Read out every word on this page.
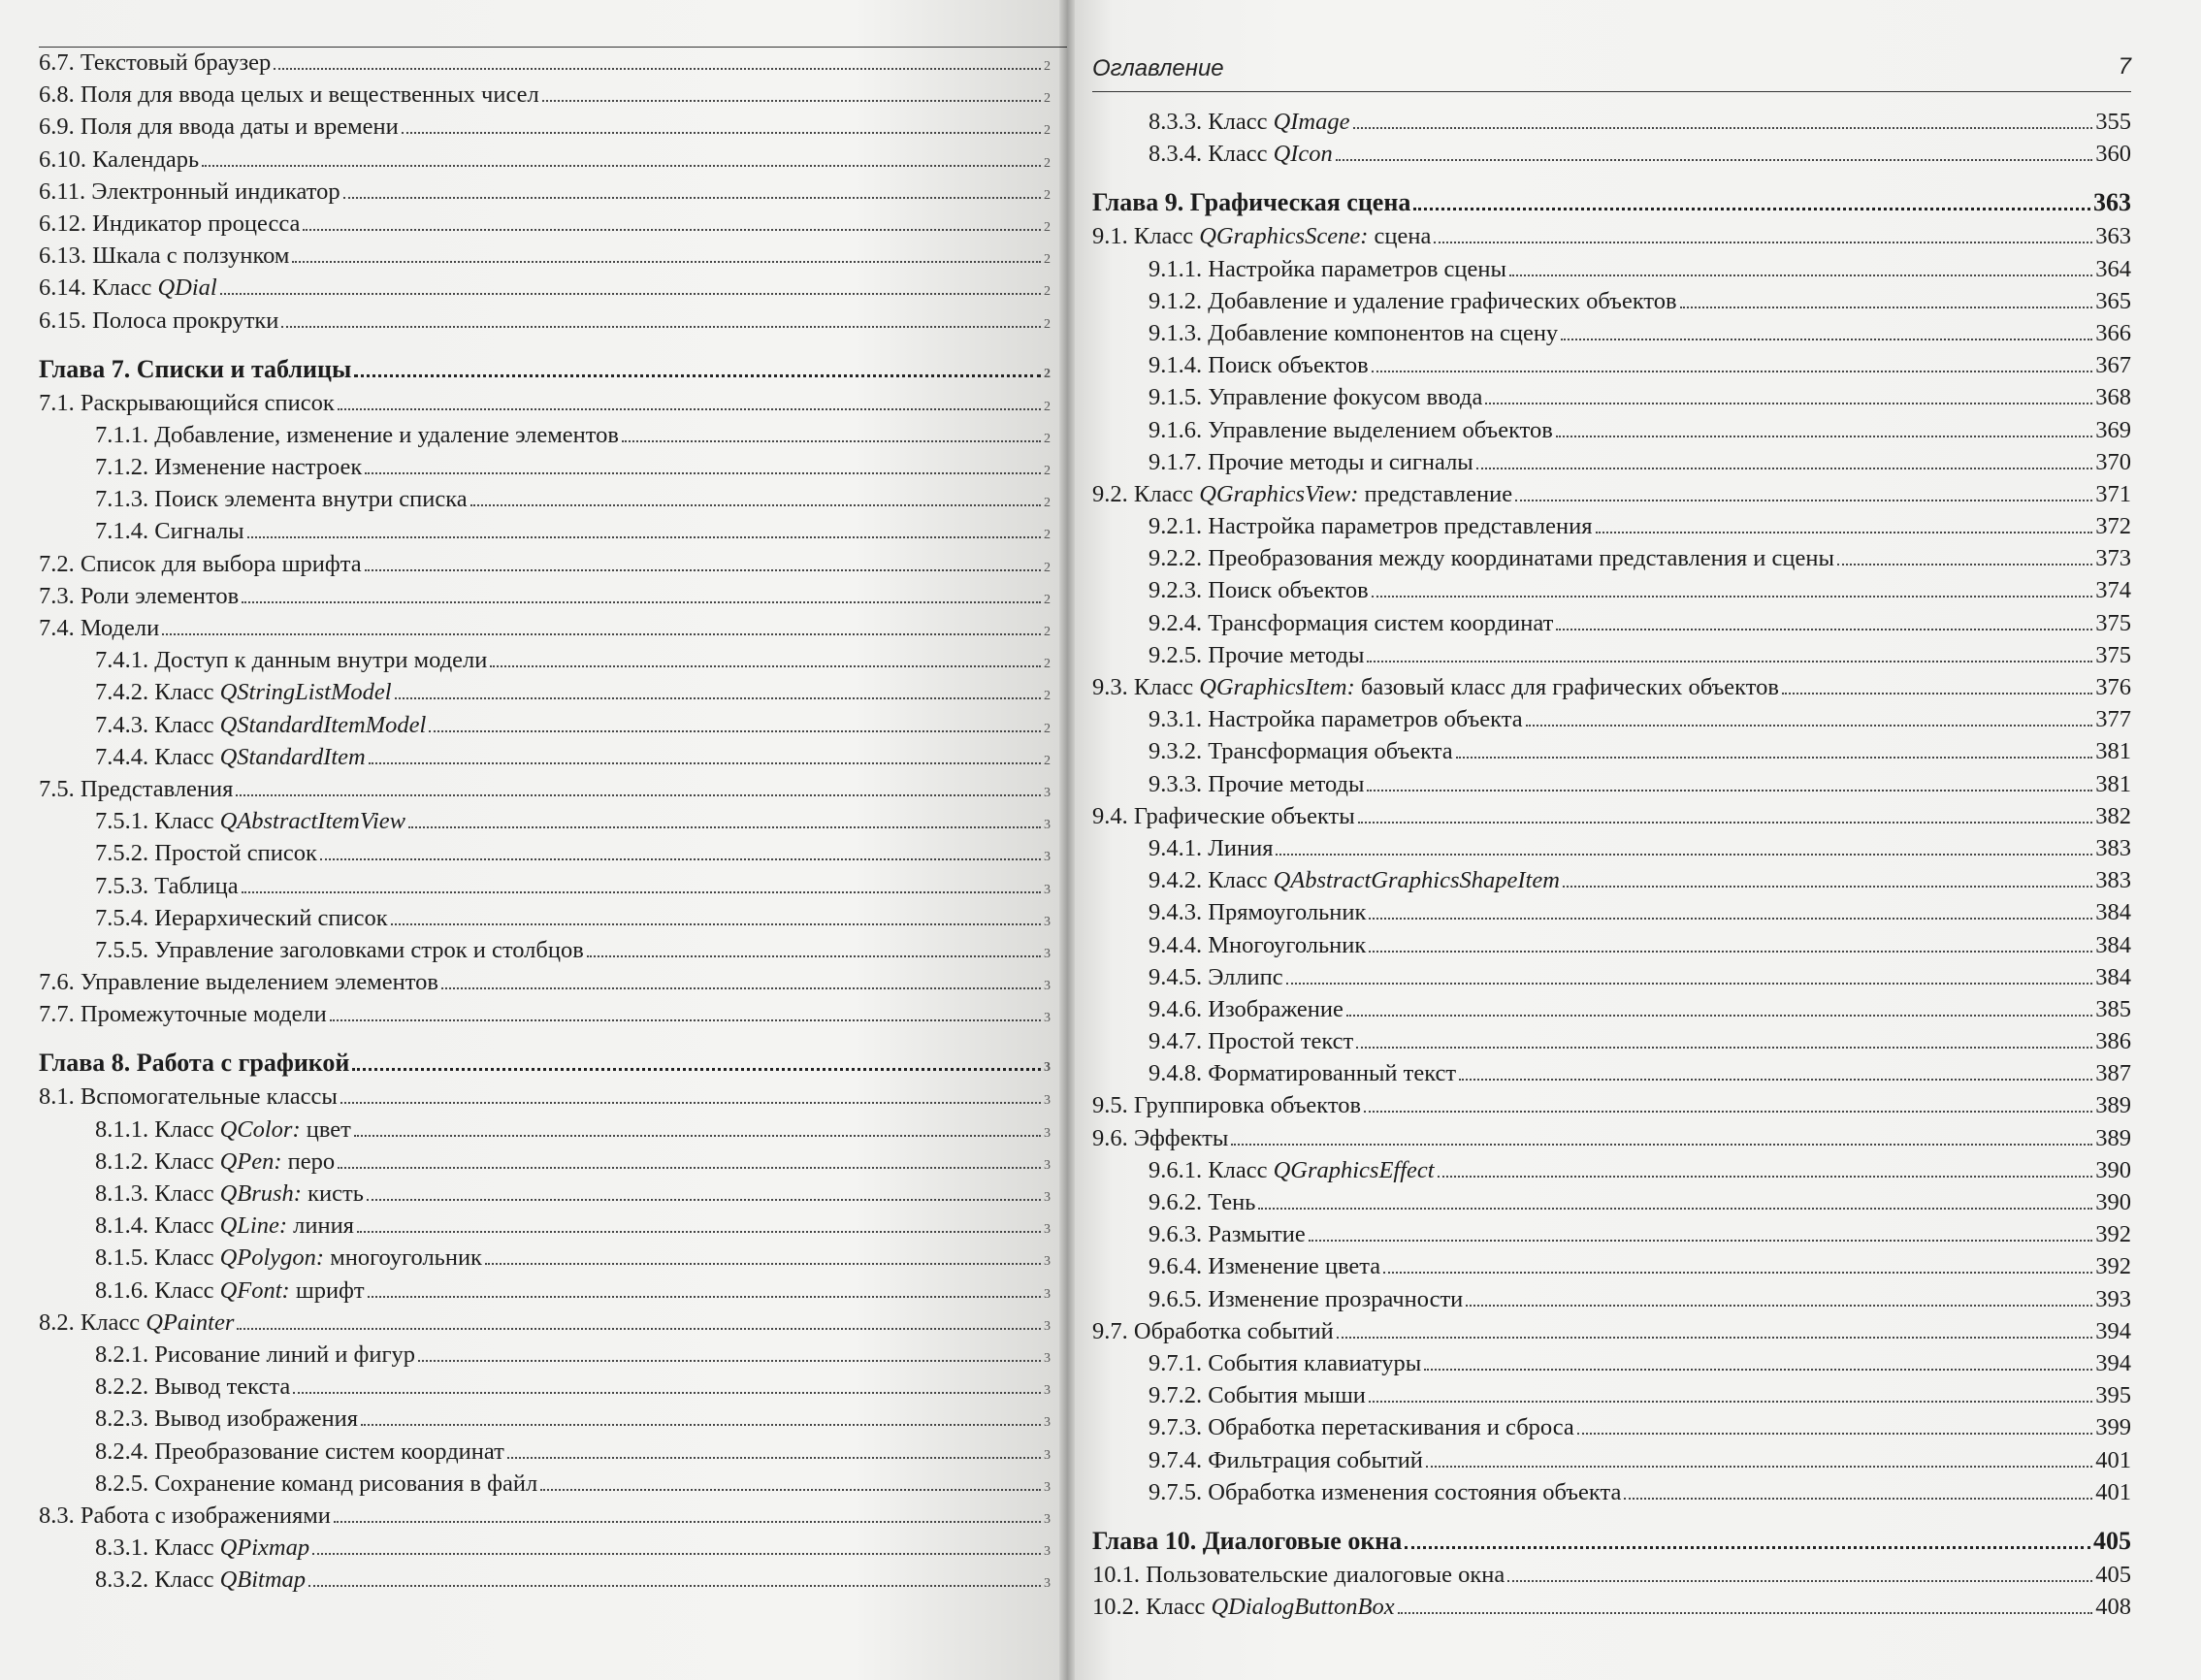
6.7. Текстовый браузер	2
6.8. Поля для ввода целых и вещественных чисел	2
6.9. Поля для ввода даты и времени	2
6.10. Календарь	2
6.11. Электронный индикатор	2
6.12. Индикатор процесса	2
6.13. Шкала с ползунком	2
6.14. Класс QDial	2
6.15. Полоса прокрутки	2
Глава 7. Списки и таблицы	2
7.1. Раскрывающийся список	2
7.1.1. Добавление, изменение и удаление элементов	2
7.1.2. Изменение настроек	2
7.1.3. Поиск элемента внутри списка	2
7.1.4. Сигналы	2
7.2. Список для выбора шрифта	2
7.3. Роли элементов	2
7.4. Модели	2
7.4.1. Доступ к данным внутри модели	2
7.4.2. Класс QStringListModel	2
7.4.3. Класс QStandardItemModel	2
7.4.4. Класс QStandardItem	2
7.5. Представления	3
7.5.1. Класс QAbstractItemView	3
7.5.2. Простой список	3
7.5.3. Таблица	3
7.5.4. Иерархический список	3
7.5.5. Управление заголовками строк и столбцов	3
7.6. Управление выделением элементов	3
7.7. Промежуточные модели	3
Глава 8. Работа с графикой	3
8.1. Вспомогательные классы	3
8.1.1. Класс QColor: цвет	3
8.1.2. Класс QPen: перо	3
8.1.3. Класс QBrush: кисть	3
8.1.4. Класс QLine: линия	3
8.1.5. Класс QPolygon: многоугольник	3
8.1.6. Класс QFont: шрифт	3
8.2. Класс QPainter	3
8.2.1. Рисование линий и фигур	3
8.2.2. Вывод текста	3
8.2.3. Вывод изображения	3
8.2.4. Преобразование систем координат	3
8.2.5. Сохранение команд рисования в файл	3
8.3. Работа с изображениями	3
8.3.1. Класс QPixmap	3
8.3.2. Класс QBitmap	3
Оглавление	7
8.3.3. Класс QImage	355
8.3.4. Класс QIcon	360
Глава 9. Графическая сцена	363
9.1. Класс QGraphicsScene: сцена	363
9.1.1. Настройка параметров сцены	364
9.1.2. Добавление и удаление графических объектов	365
9.1.3. Добавление компонентов на сцену	366
9.1.4. Поиск объектов	367
9.1.5. Управление фокусом ввода	368
9.1.6. Управление выделением объектов	369
9.1.7. Прочие методы и сигналы	370
9.2. Класс QGraphicsView: представление	371
9.2.1. Настройка параметров представления	372
9.2.2. Преобразования между координатами представления и сцены	373
9.2.3. Поиск объектов	374
9.2.4. Трансформация систем координат	375
9.2.5. Прочие методы	375
9.3. Класс QGraphicsItem: базовый класс для графических объектов	376
9.3.1. Настройка параметров объекта	377
9.3.2. Трансформация объекта	381
9.3.3. Прочие методы	381
9.4. Графические объекты	382
9.4.1. Линия	383
9.4.2. Класс QAbstractGraphicsShapeItem	383
9.4.3. Прямоугольник	384
9.4.4. Многоугольник	384
9.4.5. Эллипс	384
9.4.6. Изображение	385
9.4.7. Простой текст	386
9.4.8. Форматированный текст	387
9.5. Группировка объектов	389
9.6. Эффекты	389
9.6.1. Класс QGraphicsEffect	390
9.6.2. Тень	390
9.6.3. Размытие	392
9.6.4. Изменение цвета	392
9.6.5. Изменение прозрачности	393
9.7. Обработка событий	394
9.7.1. События клавиатуры	394
9.7.2. События мыши	395
9.7.3. Обработка перетаскивания и сброса	399
9.7.4. Фильтрация событий	401
9.7.5. Обработка изменения состояния объекта	401
Глава 10. Диалоговые окна	405
10.1. Пользовательские диалоговые окна	405
10.2. Класс QDialogButtonBox	408
